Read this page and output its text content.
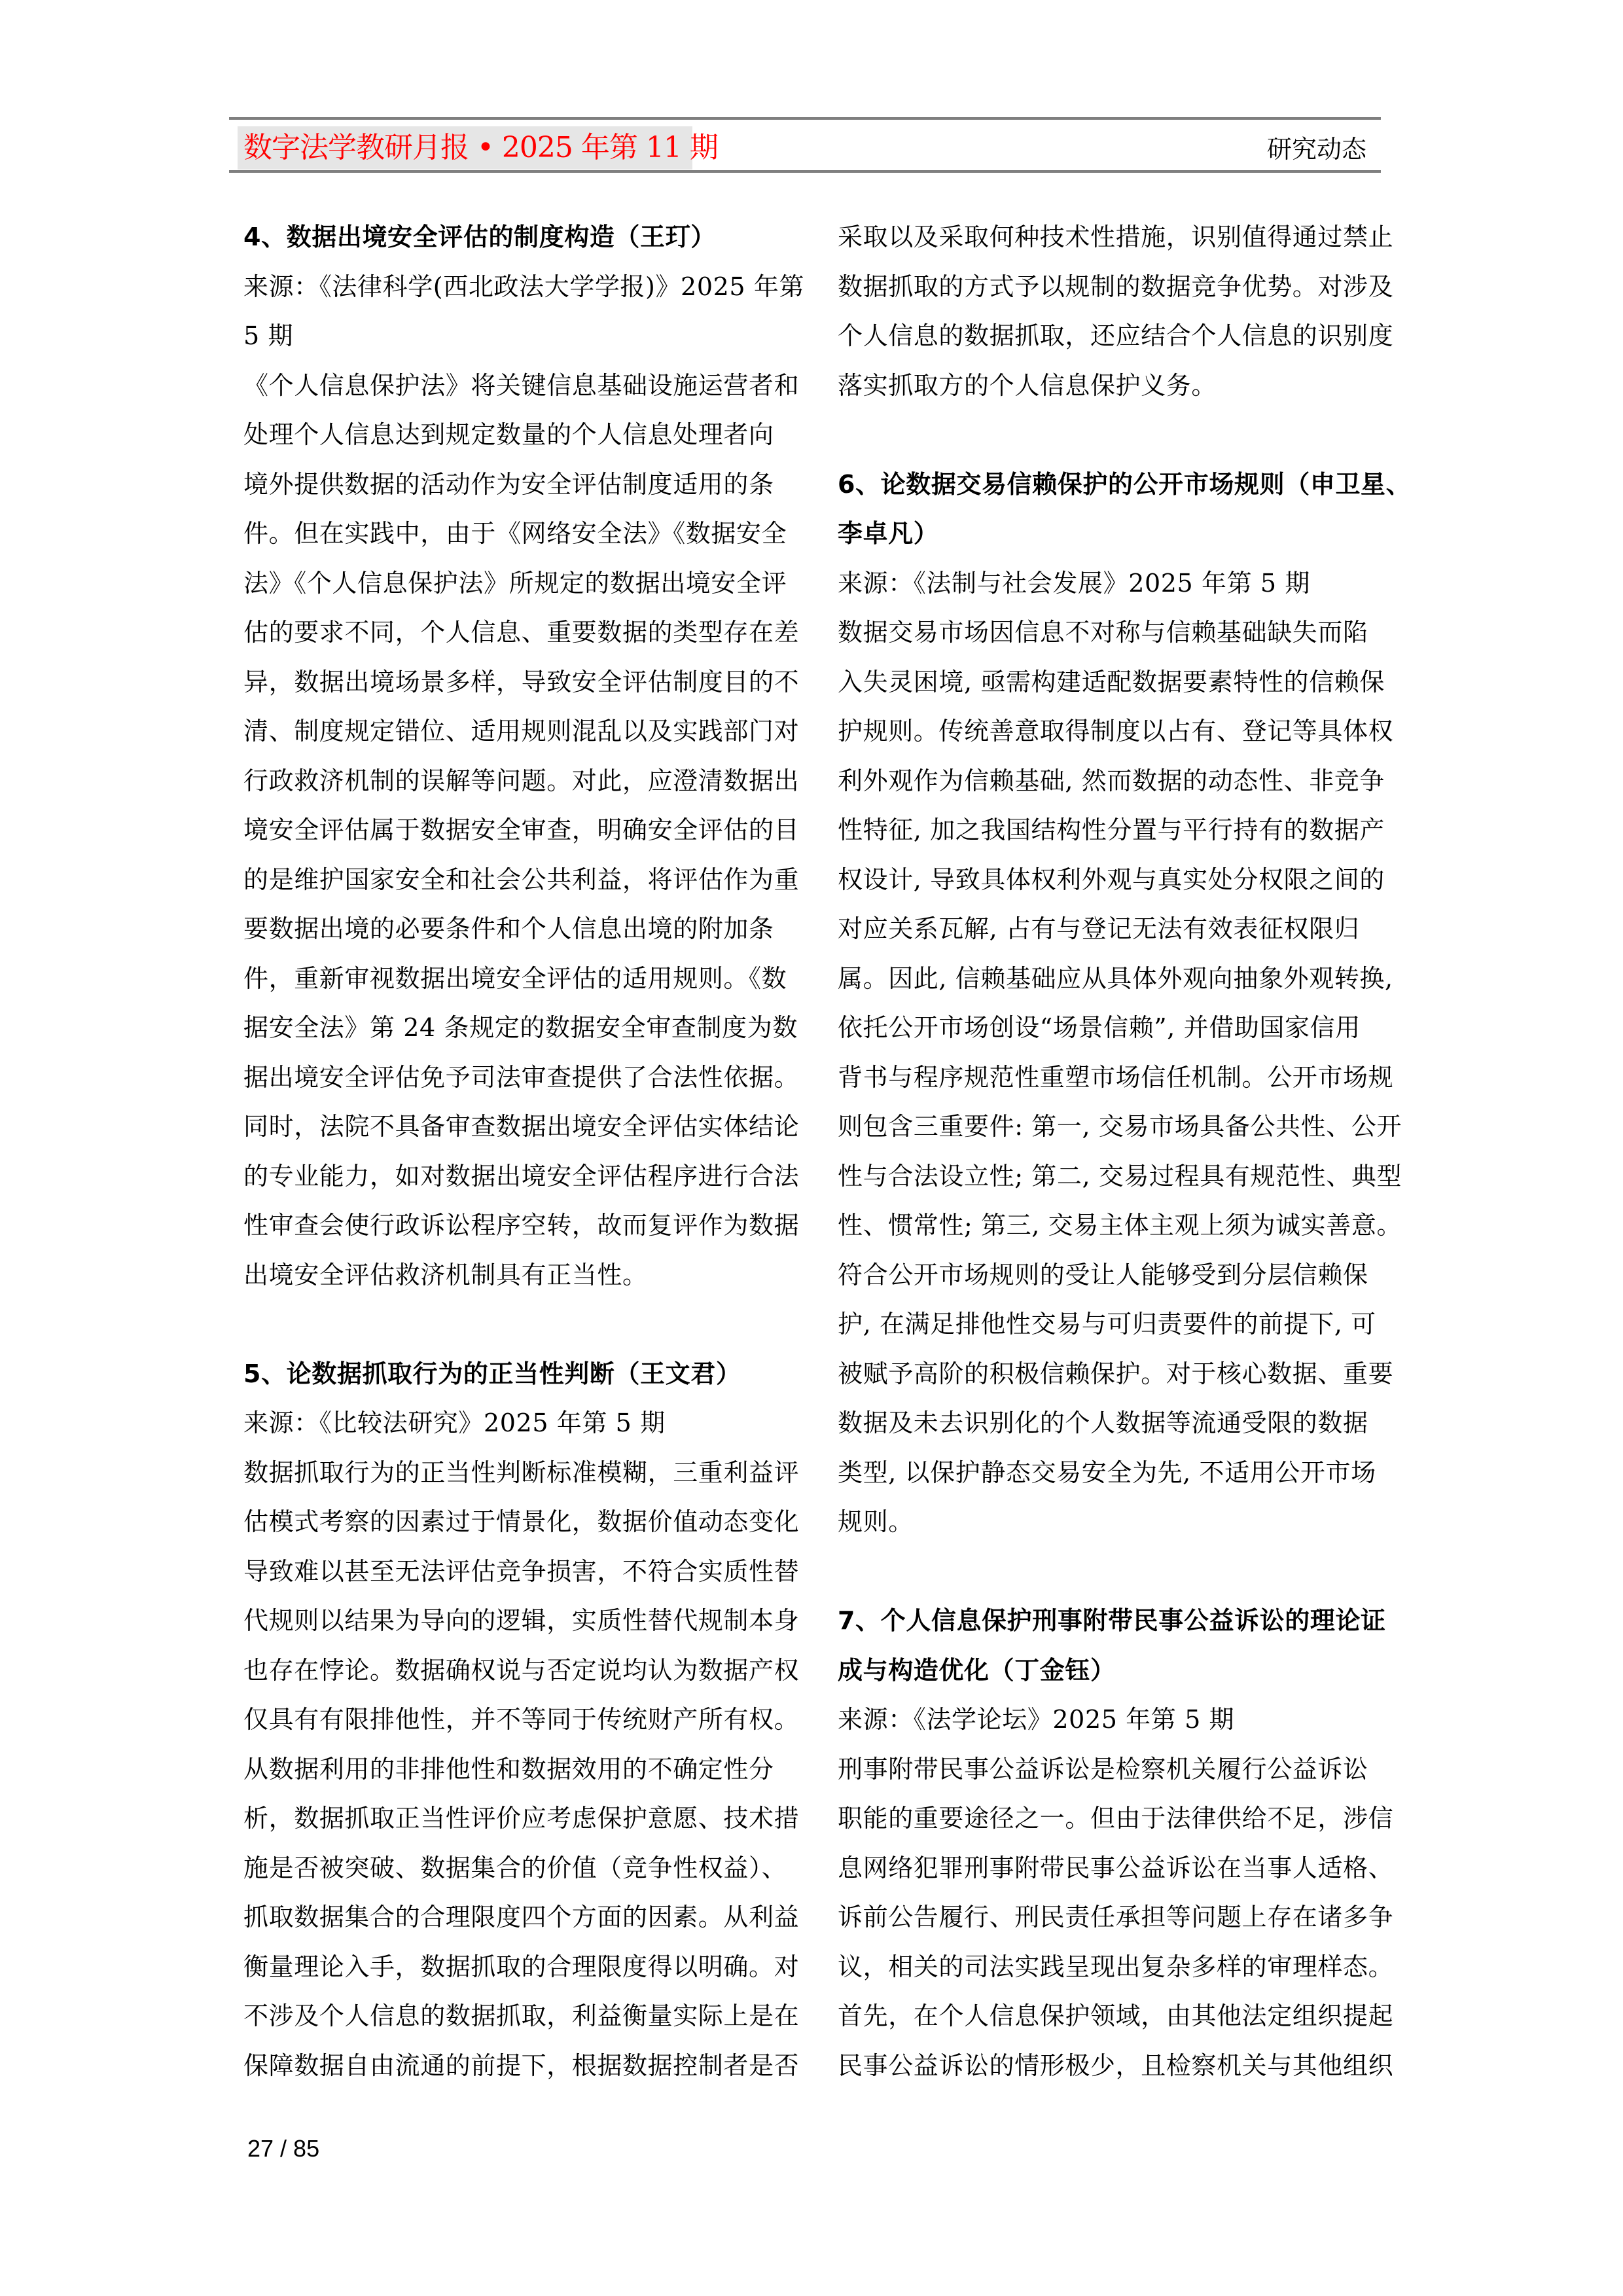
数字法学教研月报 • 2025 年第 11 期	研究动态
4、数据出境安全评估的制度构造（王玎）
来源：《法律科学(西北政法大学学报)》2025 年第
5 期
《个人信息保护法》将关键信息基础设施运营者和
处理个人信息达到规定数量的个人信息处理者向
境外提供数据的活动作为安全评估制度适用的条
件。但在实践中，由于《网络安全法》《数据安全
法》《个人信息保护法》所规定的数据出境安全评
估的要求不同，个人信息、重要数据的类型存在差
异，数据出境场景多样，导致安全评估制度目的不
清、制度规定错位、适用规则混乱以及实践部门对
行政救济机制的误解等问题。对此，应澄清数据出
境安全评估属于数据安全审查，明确安全评估的目
的是维护国家安全和社会公共利益，将评估作为重
要数据出境的必要条件和个人信息出境的附加条
件，重新审视数据出境安全评估的适用规则。《数
据安全法》第 24 条规定的数据安全审查制度为数
据出境安全评估免予司法审查提供了合法性依据。
同时，法院不具备审查数据出境安全评估实体结论
的专业能力，如对数据出境安全评估程序进行合法
性审查会使行政诉讼程序空转，故而复评作为数据
出境安全评估救济机制具有正当性。
5、论数据抓取行为的正当性判断（王文君）
来源：《比较法研究》2025 年第 5 期
数据抓取行为的正当性判断标准模糊，三重利益评
估模式考察的因素过于情景化，数据价值动态变化
导致难以甚至无法评估竞争损害，不符合实质性替
代规则以结果为导向的逻辑，实质性替代规制本身
也存在悖论。数据确权说与否定说均认为数据产权
仅具有有限排他性，并不等同于传统财产所有权。
从数据利用的非排他性和数据效用的不确定性分
析，数据抓取正当性评价应考虑保护意愿、技术措
施是否被突破、数据集合的价值（竞争性权益）、
抓取数据集合的合理限度四个方面的因素。从利益
衡量理论入手，数据抓取的合理限度得以明确。对
不涉及个人信息的数据抓取，利益衡量实际上是在
保障数据自由流通的前提下，根据数据控制者是否
采取以及采取何种技术性措施，识别值得通过禁止
数据抓取的方式予以规制的数据竞争优势。对涉及
个人信息的数据抓取，还应结合个人信息的识别度
落实抓取方的个人信息保护义务。
6、论数据交易信赖保护的公开市场规则（申卫星、
李卓凡）
来源：《法制与社会发展》2025 年第 5 期
数据交易市场因信息不对称与信赖基础缺失而陷
入失灵困境, 亟需构建适配数据要素特性的信赖保
护规则。传统善意取得制度以占有、登记等具体权
利外观作为信赖基础, 然而数据的动态性、非竞争
性特征, 加之我国结构性分置与平行持有的数据产
权设计, 导致具体权利外观与真实处分权限之间的
对应关系瓦解, 占有与登记无法有效表征权限归
属。因此, 信赖基础应从具体外观向抽象外观转换,
依托公开市场创设“场景信赖”, 并借助国家信用
背书与程序规范性重塑市场信任机制。公开市场规
则包含三重要件: 第一, 交易市场具备公共性、公开
性与合法设立性; 第二, 交易过程具有规范性、典型
性、惯常性; 第三, 交易主体主观上须为诚实善意。
符合公开市场规则的受让人能够受到分层信赖保
护, 在满足排他性交易与可归责要件的前提下, 可
被赋予高阶的积极信赖保护。对于核心数据、重要
数据及未去识别化的个人数据等流通受限的数据
类型, 以保护静态交易安全为先, 不适用公开市场
规则。
7、个人信息保护刑事附带民事公益诉讼的理论证
成与构造优化（丁金钰）
来源：《法学论坛》2025 年第 5 期
刑事附带民事公益诉讼是检察机关履行公益诉讼
职能的重要途径之一。但由于法律供给不足，涉信
息网络犯罪刑事附带民事公益诉讼在当事人适格、
诉前公告履行、刑民责任承担等问题上存在诸多争
议，相关的司法实践呈现出复杂多样的审理样态。
首先，在个人信息保护领域，由其他法定组织提起
民事公益诉讼的情形极少，且检察机关与其他组织
27 / 85
